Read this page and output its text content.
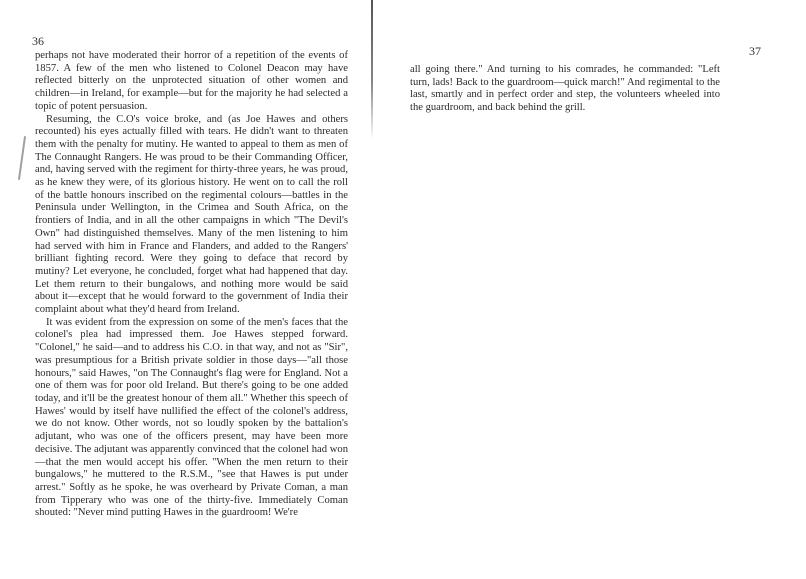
36

perhaps not have moderated their horror of a repetition of the events of 1857. A few of the men who listened to Colonel Deacon may have reflected bitterly on the unprotected situation of other women and children—in Ireland, for example—but for the majority he had selected a topic of potent persuasion.

Resuming, the C.O's voice broke, and (as Joe Hawes and others recounted) his eyes actually filled with tears. He didn't want to threaten them with the penalty for mutiny. He wanted to appeal to them as men of The Connaught Rangers. He was proud to be their Commanding Officer, and, having served with the regiment for thirty-three years, he was proud, as he knew they were, of its glorious history. He went on to call the roll of the battle honours inscribed on the regimental colours—battles in the Peninsula under Wellington, in the Crimea and South Africa, on the frontiers of India, and in all the other campaigns in which "The Devil's Own" had distinguished themselves. Many of the men listening to him had served with him in France and Flanders, and added to the Rangers' brilliant fighting record. Were they going to deface that record by mutiny? Let everyone, he concluded, forget what had happened that day. Let them return to their bungalows, and nothing more would be said about it—except that he would forward to the government of India their complaint about what they'd heard from Ireland.

It was evident from the expression on some of the men's faces that the colonel's plea had impressed them. Joe Hawes stepped forward. "Colonel," he said—and to address his C.O. in that way, and not as "Sir", was presumptious for a British private soldier in those days—"all those honours," said Hawes, "on The Connaught's flag were for England. Not a one of them was for poor old Ireland. But there's going to be one added today, and it'll be the greatest honour of them all." Whether this speech of Hawes' would by itself have nullified the effect of the colonel's address, we do not know. Other words, not so loudly spoken by the battalion's adjutant, who was one of the officers present, may have been more decisive. The adjutant was apparently convinced that the colonel had won—that the men would accept his offer. "When the men return to their bungalows," he muttered to the R.S.M., "see that Hawes is put under arrest." Softly as he spoke, he was overheard by Private Coman, a man from Tipperary who was one of the thirty-five. Immediately Coman shouted: "Never mind putting Hawes in the guardroom! We're

37

all going there." And turning to his comrades, he commanded: "Left turn, lads! Back to the guardroom—quick march!" And regimental to the last, smartly and in perfect order and step, the volunteers wheeled into the guardroom, and back behind the grill.
